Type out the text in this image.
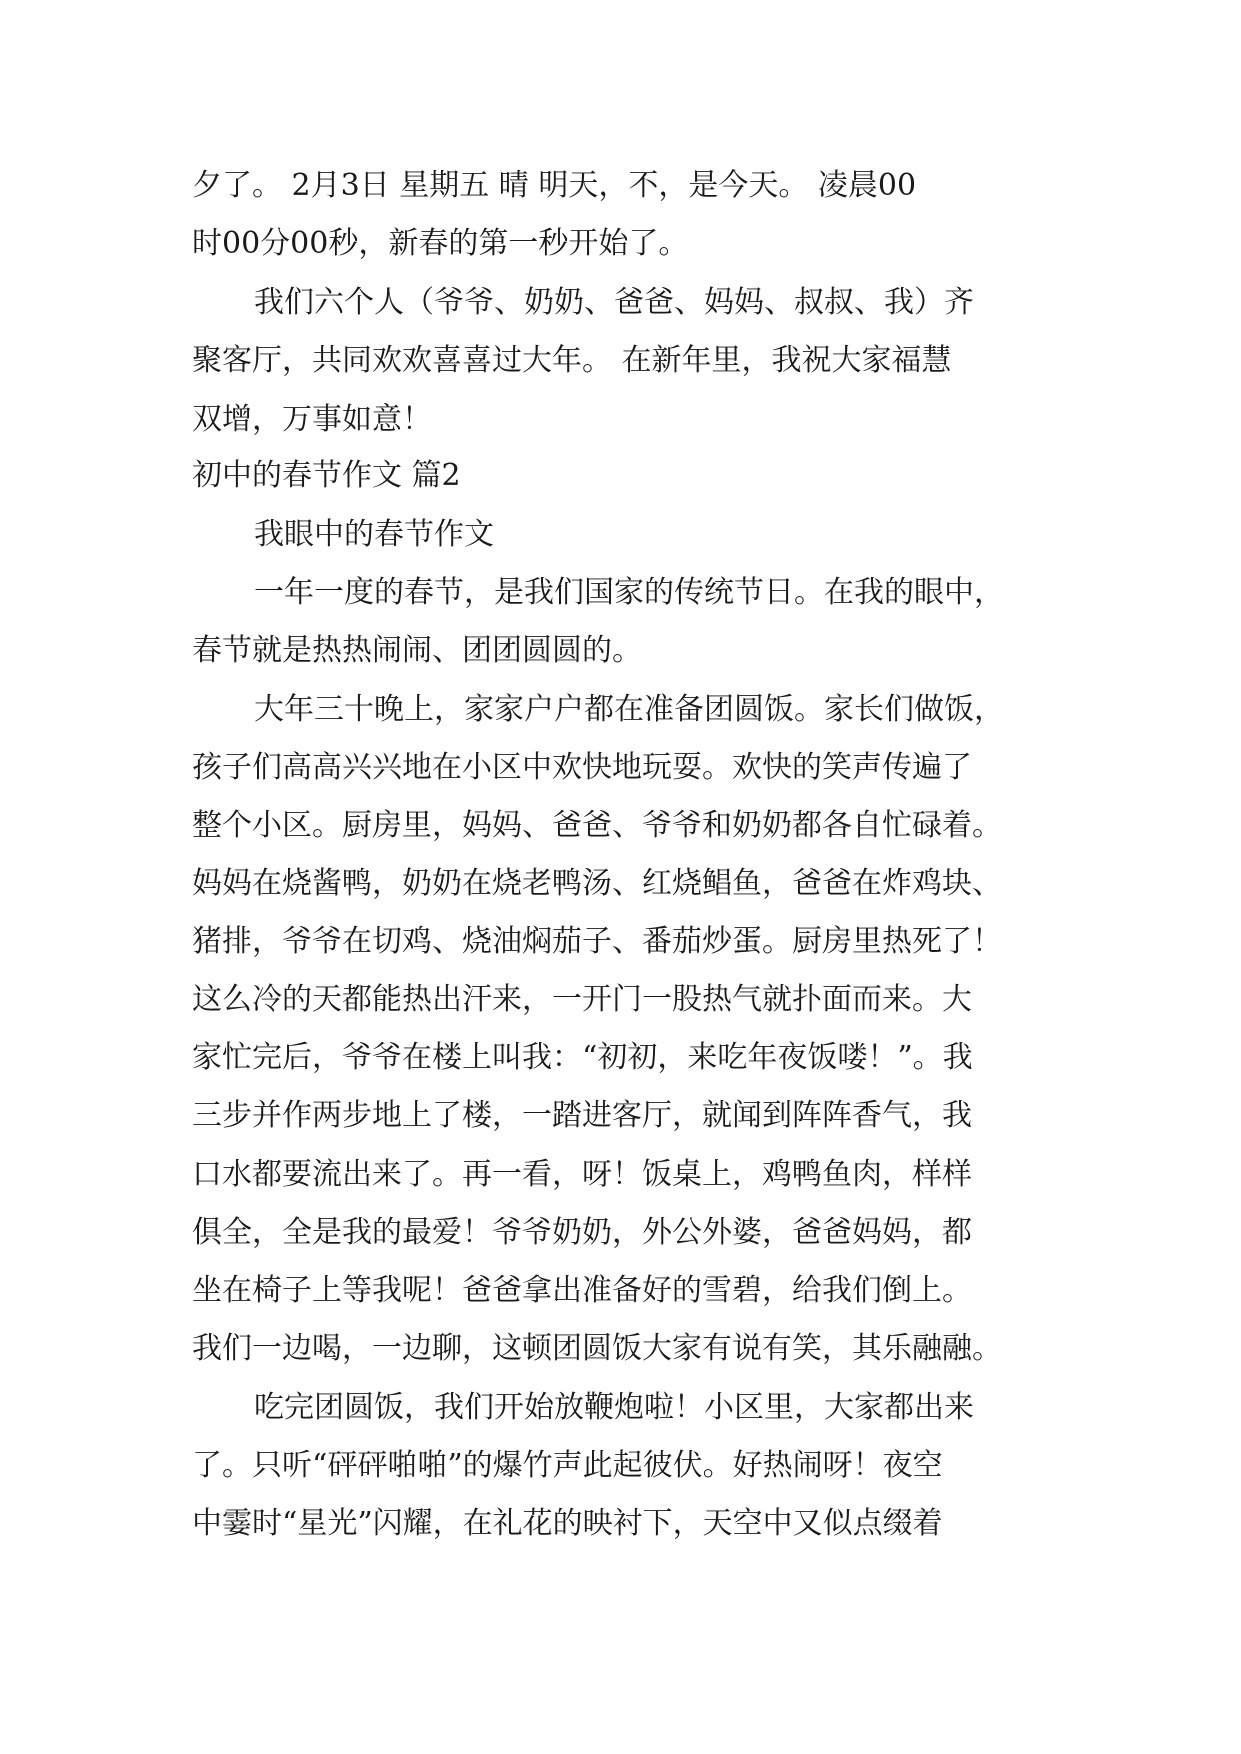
夕了。 2月3日 星期五 晴 明天，不，是今天。 凌晨00

时00分00秒，新春的第一秒开始了。

我们六个人（爷爷、奶奶、爸爸、妈妈、叔叔、我）齐

聚客厅，共同欢欢喜喜过大年。 在新年里，我祝大家福慧

双增，万事如意！

初中的春节作文 篇2

我眼中的春节作文

一年一度的春节，是我们国家的传统节日。在我的眼中，

春节就是热热闹闹、团团圆圆的。

大年三十晚上，家家户户都在准备团圆饭。家长们做饭，

孩子们高高兴兴地在小区中欢快地玩耍。欢快的笑声传遍了

整个小区。厨房里，妈妈、爸爸、爷爷和奶奶都各自忙碌着。

妈妈在烧酱鸭，奶奶在烧老鸭汤、红烧鲳鱼，爸爸在炸鸡块、

猪排，爷爷在切鸡、烧油焖茄子、番茄炒蛋。厨房里热死了！

这么冷的天都能热出汗来，一开门一股热气就扑面而来。大

家忙完后，爷爷在楼上叫我：“初初，来吃年夜饭喽！”。我

三步并作两步地上了楼，一踏进客厅，就闻到阵阵香气，我

口水都要流出来了。再一看，呀！饭桌上，鸡鸭鱼肉，样样

俱全，全是我的最爱！爷爷奶奶，外公外婆，爸爸妈妈，都

坐在椅子上等我呢！爸爸拿出准备好的雪碧，给我们倒上。

我们一边喝，一边聊，这顿团圆饭大家有说有笑，其乐融融。

吃完团圆饭，我们开始放鞭炮啦！小区里，大家都出来

了。只听“砰砰啪啪”的爆竹声此起彼伏。好热闹呀！夜空

中霎时“星光”闪耀，在礼花的映衬下，天空中又似点缀着
